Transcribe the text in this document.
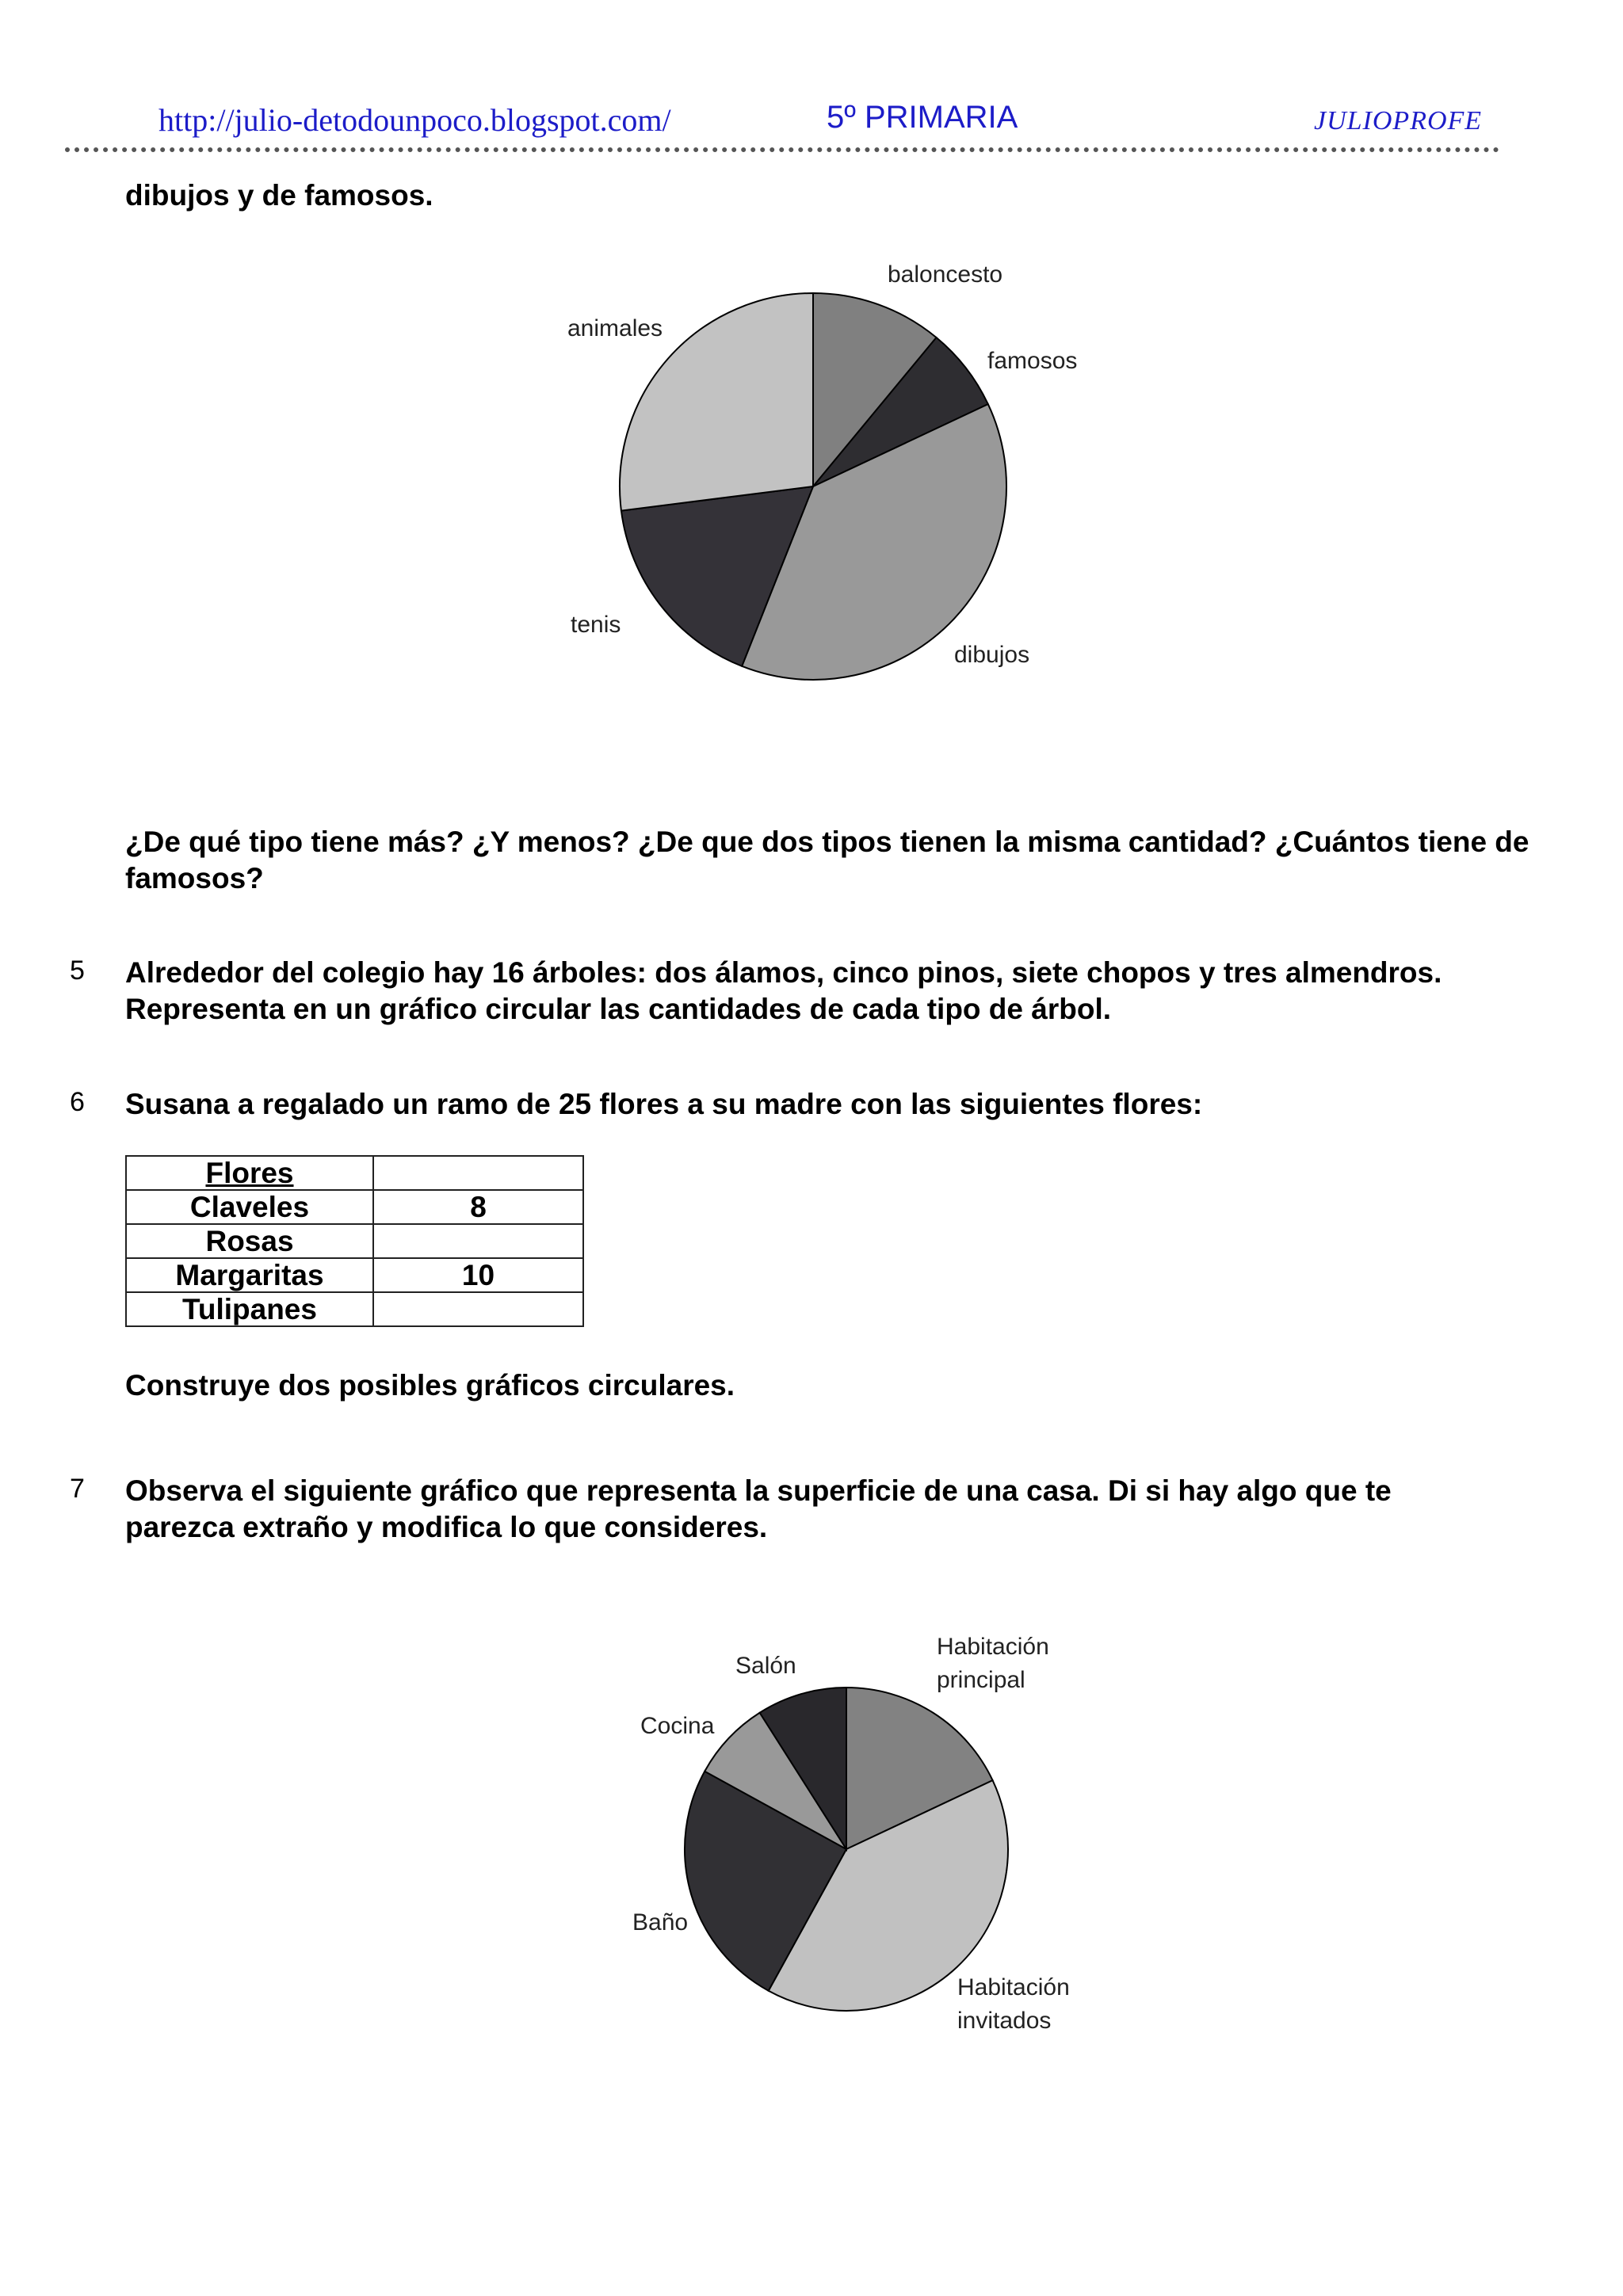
http://julio-detodounpoco.blogspot.com/	5º PRIMARIA	JULIOPROFE
dibujos y de famosos.
baloncesto
famosos
dibujos
tenis
animales
¿De qué tipo tiene más? ¿Y menos? ¿De que dos tipos tienen la misma cantidad? ¿Cuántos tiene de famosos?
5 Alrededor del colegio hay 16 árboles: dos álamos, cinco pinos, siete chopos y tres almendros.
Representa en un gráfico circular las cantidades de cada tipo de árbol.
6 Susana a regalado un ramo de 25 flores a su madre con las siguientes flores:
Flores	
Claveles	8
Rosas	
Margaritas	10
Tulipanes	
Construye dos posibles gráficos circulares.
7 Observa el siguiente gráfico que representa la superficie de una casa. Di si hay algo que te
parezca extraño y modifica lo que consideres.
Habitación principal
Habitación invitados
Baño
Cocina
Salón
